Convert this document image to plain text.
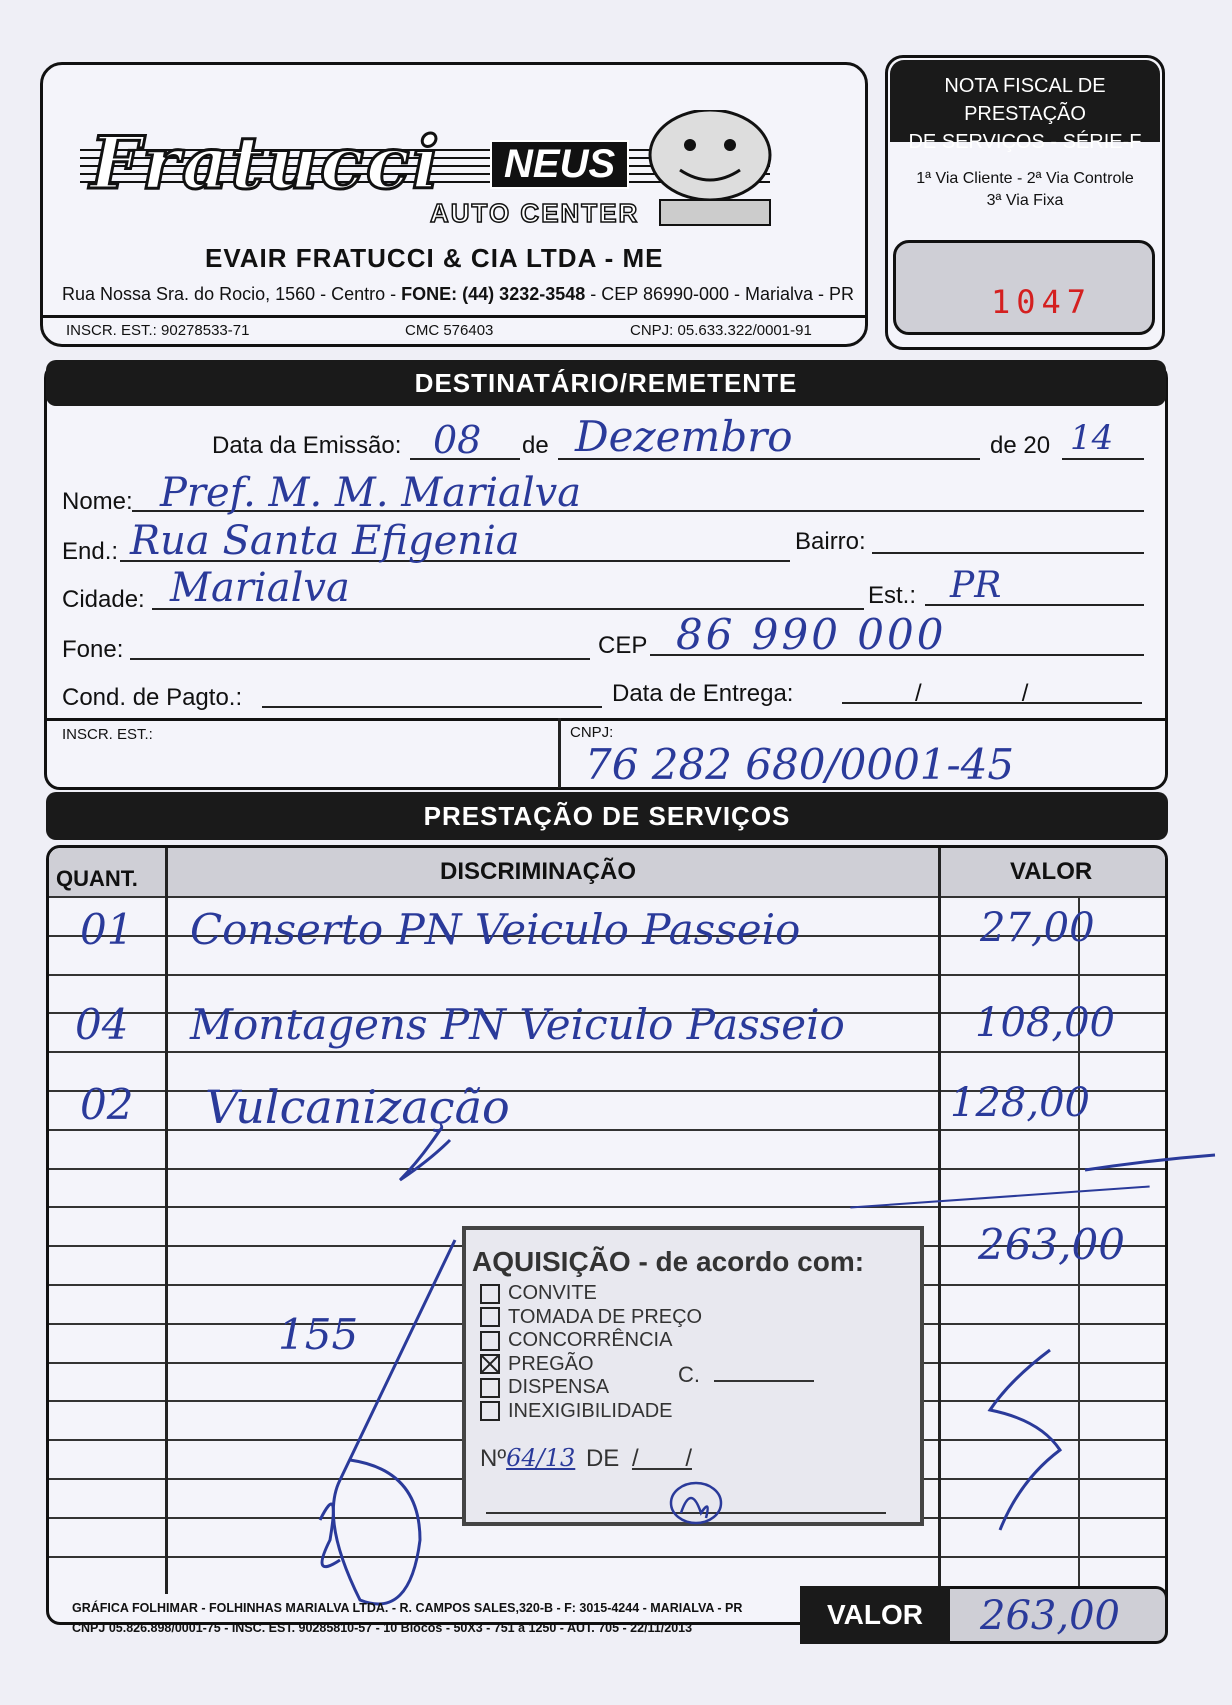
Fratucci	NEUS
AUTO CENTER
EVAIR FRATUCCI & CIA LTDA - ME
Rua Nossa Sra. do Rocio, 1560 - Centro - FONE: (44) 3232-3548 - CEP 86990-000 - Marialva - PR
INSCR. EST.: 90278533-71	CMC 576403	CNPJ: 05.633.322/0001-91
NOTA FISCAL DE PRESTAÇÃO
DE SERVIÇOS - SÉRIE-F
1ª Via Cliente - 2ª Via Controle
3ª Via Fixa
1047
DESTINATÁRIO/REMETENTE
Data da Emissão: 08 de Dezembro	de 20 14
Nome: Pref. M. M. Marialva
End.: Rua Santa Efigenia	Bairro:
Cidade: Marialva	Est.: PR
Fone:	CEP 86 990 000
Cond. de Pagto.:	Data de Entrega:	/               /
INSCR. EST.:	CNPJ:
76 282 680/0001-45
PRESTAÇÃO DE SERVIÇOS
QUANT.	DISCRIMINAÇÃO	VALOR
01 Conserto PN Veiculo Passeio	27,00
04 Montagens PN Veiculo Passeio	108,00
02 Vulcanização	128,00
263,00
155
AQUISIÇÃO - de acordo com:
CONVITE
TOMADA DE PREÇO
CONCORRÊNCIA
PREGÃO
DISPENSA
INEXIGIBILIDADE
C.
Nº64/13 DE /       /
GRÁFICA FOLHIMAR - FOLHINHAS MARIALVA LTDA. - R. CAMPOS SALES,320-B - F: 3015-4244 - MARIALVA - PR
CNPJ 05.826.898/0001-75 - INSC. EST. 90285810-57 - 10 Blocos - 50X3 - 751 à 1250 - AUT. 705 - 22/11/2013	VALOR	263,00
